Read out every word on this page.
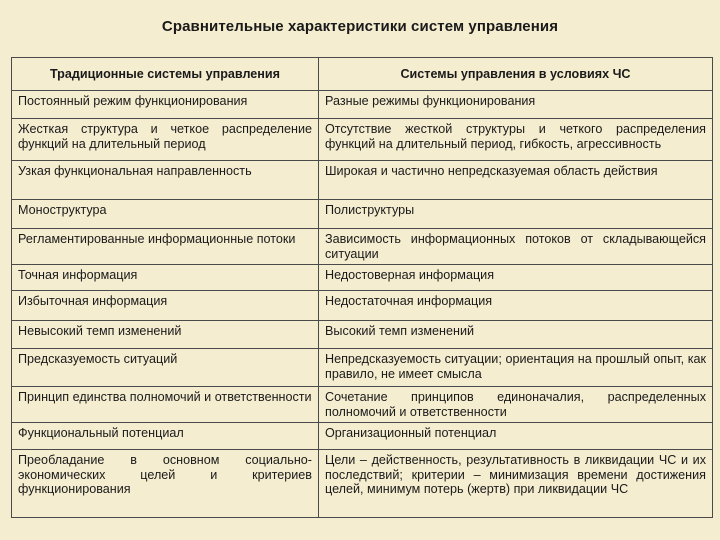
Сравнительные характеристики систем управления
Традиционные системы управления	Системы управления в условиях ЧС
Постоянный режим функционирования	Разные режимы функционирования
Жесткая структура и четкое распределение функций на длительный период	Отсутствие жесткой структуры и четкого распределения функций на длительный период, гибкость, агрессивность
Узкая функциональная направленность	Широкая и частично непредсказуемая область действия
Моноструктура	Полиструктуры
Регламентированные информационные потоки	Зависимость информационных потоков от складывающейся ситуации
Точная информация	Недостоверная информация
Избыточная информация	Недостаточная информация
Невысокий темп изменений	Высокий темп изменений
Предсказуемость ситуаций	Непредсказуемость ситуации; ориентация на прошлый опыт, как правило, не имеет смысла
Принцип единства полномочий и ответственности	Сочетание принципов единоначалия, распределенных полномочий и ответственности
Функциональный потенциал	Организационный потенциал
Преобладание в основном социально-экономических целей и критериев функционирования	Цели – действенность, результативность в ликвидации ЧС и их последствий; критерии – минимизация времени достижения целей, минимум потерь (жертв) при ликвидации ЧС
